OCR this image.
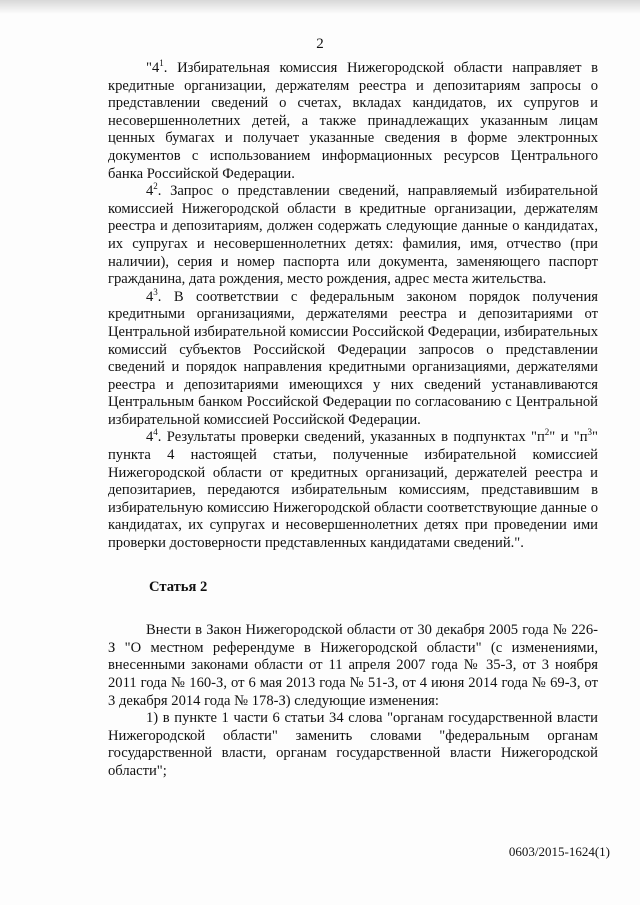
2

"$4^1$. Избирательная комиссия Нижегородской области направляет в кредитные организации, держателям реестра и депозитариям запросы о представлении сведений о счетах, вкладах кандидатов, их супругов и несовершеннолетних детей, а также принадлежащих указанным лицам ценных бумагах и получает указанные сведения в форме электронных документов с использованием информационных ресурсов Центрального банка Российской Федерации.

$4^2$. Запрос о представлении сведений, направляемый избирательной комиссией Нижегородской области в кредитные организации, держателям реестра и депозитариям, должен содержать следующие данные о кандидатах, их супругах и несовершеннолетних детях: фамилия, имя, отчество (при наличии), серия и номер паспорта или документа, заменяющего паспорт гражданина, дата рождения, место рождения, адрес места жительства.

$4^3$. В соответствии с федеральным законом порядок получения кредитными организациями, держателями реестра и депозитариями от Центральной избирательной комиссии Российской Федерации, избирательных комиссий субъектов Российской Федерации запросов о представлении сведений и порядок направления кредитными организациями, держателями реестра и депозитариями имеющихся у них сведений устанавливаются Центральным банком Российской Федерации по согласованию с Центральной избирательной комиссией Российской Федерации.

$4^4$. Результаты проверки сведений, указанных в подпунктах "$п^2$" и "$п^3$" пункта 4 настоящей статьи, полученные избирательной комиссией Нижегородской области от кредитных организаций, держателей реестра и депозитариев, передаются избирательным комиссиям, представившим в избирательную комиссию Нижегородской области соответствующие данные о кандидатах, их супругах и несовершеннолетних детях при проведении ими проверки достоверности представленных кандидатами сведений.".

Статья 2

Внести в Закон Нижегородской области от 30 декабря 2005 года № 226-З "О местном референдуме в Нижегородской области" (с изменениями, внесенными законами области от 11 апреля 2007 года № 35-З, от 3 ноября 2011 года № 160-З, от 6 мая 2013 года № 51-З, от 4 июня 2014 года № 69-З, от 3 декабря 2014 года № 178-З) следующие изменения:

1) в пункте 1 части 6 статьи 34 слова "органам государственной власти Нижегородской области" заменить словами "федеральным органам государственной власти, органам государственной власти Нижегородской области";

0603/2015-1624(1)
